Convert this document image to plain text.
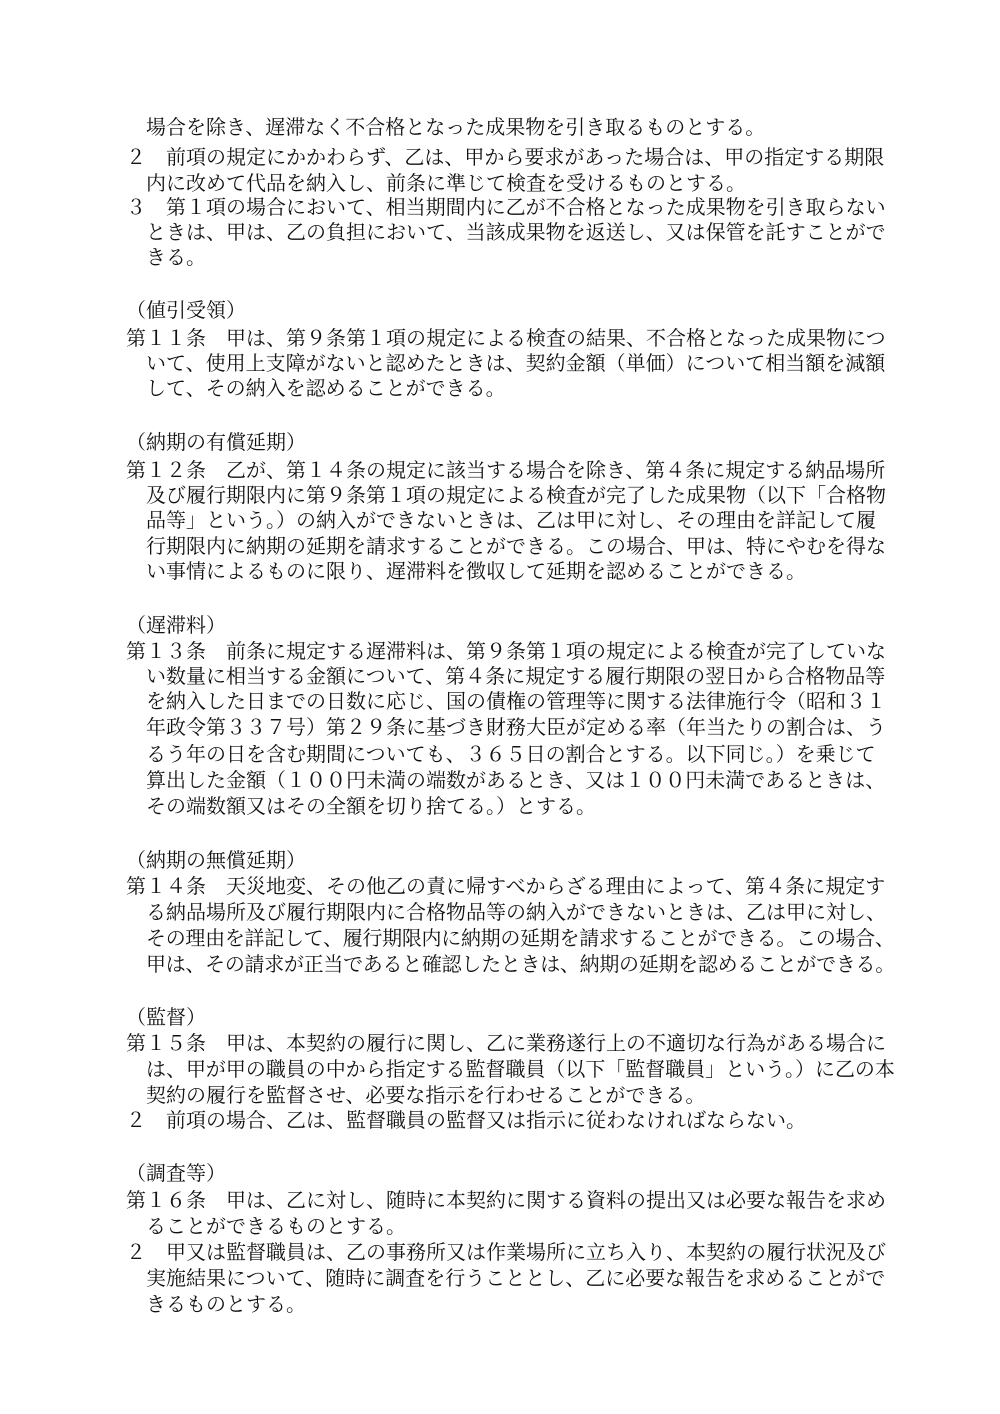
場合を除き、遅滞なく不合格となった成果物を引き取るものとする。
２　前項の規定にかかわらず、乙は、甲から要求があった場合は、甲の指定する期限
内に改めて代品を納入し、前条に準じて検査を受けるものとする。
３　第１項の場合において、相当期間内に乙が不合格となった成果物を引き取らない
ときは、甲は、乙の負担において、当該成果物を返送し、又は保管を託すことがで
きる。
（値引受領）
第１１条　甲は、第９条第１項の規定による検査の結果、不合格となった成果物につ
いて、使用上支障がないと認めたときは、契約金額（単価）について相当額を減額
して、その納入を認めることができる。
（納期の有償延期）
第１２条　乙が、第１４条の規定に該当する場合を除き、第４条に規定する納品場所
及び履行期限内に第９条第１項の規定による検査が完了した成果物（以下「合格物
品等」という。）の納入ができないときは、乙は甲に対し、その理由を詳記して履
行期限内に納期の延期を請求することができる。この場合、甲は、特にやむを得な
い事情によるものに限り、遅滞料を徴収して延期を認めることができる。
（遅滞料）
第１３条　前条に規定する遅滞料は、第９条第１項の規定による検査が完了していな
い数量に相当する金額について、第４条に規定する履行期限の翌日から合格物品等
を納入した日までの日数に応じ、国の債権の管理等に関する法律施行令（昭和３１
年政令第３３７号）第２９条に基づき財務大臣が定める率（年当たりの割合は、う
るう年の日を含む期間についても、３６５日の割合とする。以下同じ。）を乗じて
算出した金額（１００円未満の端数があるとき、又は１００円未満であるときは、
その端数額又はその全額を切り捨てる。）とする。
（納期の無償延期）
第１４条　天災地変、その他乙の責に帰すべからざる理由によって、第４条に規定す
る納品場所及び履行期限内に合格物品等の納入ができないときは、乙は甲に対し、
その理由を詳記して、履行期限内に納期の延期を請求することができる。この場合、
甲は、その請求が正当であると確認したときは、納期の延期を認めることができる。
（監督）
第１５条　甲は、本契約の履行に関し、乙に業務遂行上の不適切な行為がある場合に
は、甲が甲の職員の中から指定する監督職員（以下「監督職員」という。）に乙の本
契約の履行を監督させ、必要な指示を行わせることができる。
２　前項の場合、乙は、監督職員の監督又は指示に従わなければならない。
（調査等）
第１６条　甲は、乙に対し、随時に本契約に関する資料の提出又は必要な報告を求め
ることができるものとする。
２　甲又は監督職員は、乙の事務所又は作業場所に立ち入り、本契約の履行状況及び
実施結果について、随時に調査を行うこととし、乙に必要な報告を求めることがで
きるものとする。
